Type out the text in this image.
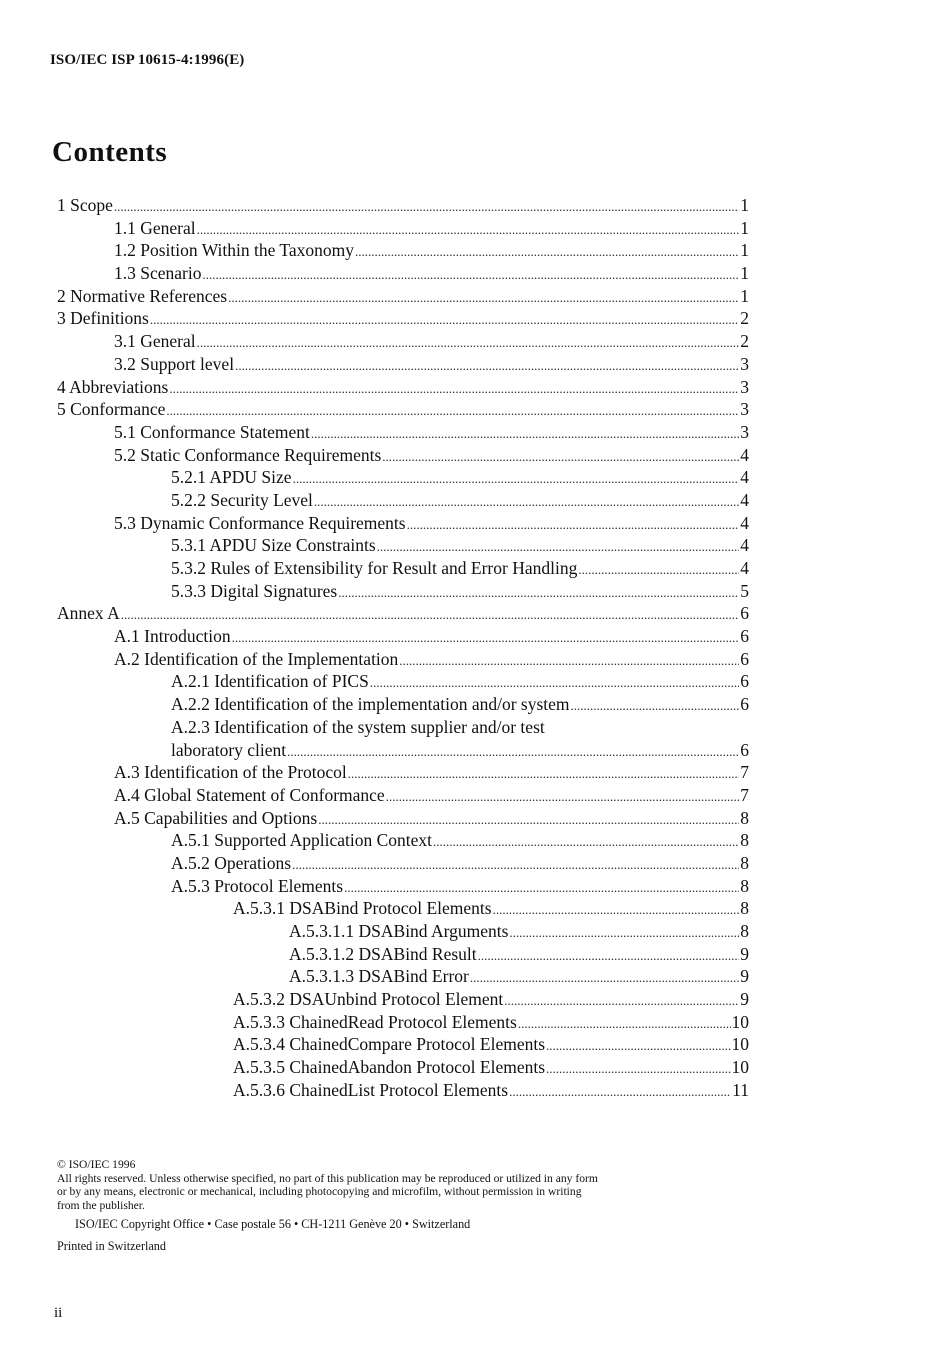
ISO/IEC ISP 10615-4:1996(E)
Contents
1 Scope .....	1
1.1 General .....	1
1.2 Position Within the Taxonomy .....	1
1.3 Scenario .....	1
2 Normative References .....	1
3 Definitions .....	2
3.1 General .....	2
3.2 Support level .....	3
4 Abbreviations .....	3
5 Conformance .....	3
5.1 Conformance Statement .....	3
5.2 Static Conformance Requirements .....	4
5.2.1 APDU Size .....	4
5.2.2 Security Level .....	4
5.3 Dynamic Conformance Requirements .....	4
5.3.1 APDU Size Constraints .....	4
5.3.2 Rules of Extensibility for Result and Error Handling .....	4
5.3.3 Digital Signatures .....	5
Annex A .....	6
A.1 Introduction .....	6
A.2 Identification of the Implementation .....	6
A.2.1 Identification of PICS .....	6
A.2.2 Identification of the implementation and/or system .....	6
A.2.3 Identification of the system supplier and/or test
laboratory client .....	6
A.3 Identification of the Protocol .....	7
A.4 Global Statement of Conformance .....	7
A.5 Capabilities and Options .....	8
A.5.1 Supported Application Context .....	8
A.5.2 Operations .....	8
A.5.3 Protocol Elements .....	8
A.5.3.1 DSABind Protocol Elements .....	8
A.5.3.1.1 DSABind Arguments .....	8
A.5.3.1.2 DSABind Result .....	9
A.5.3.1.3 DSABind Error .....	9
A.5.3.2 DSAUnbind Protocol Element .....	9
A.5.3.3 ChainedRead Protocol Elements .....	10
A.5.3.4 ChainedCompare Protocol Elements .....	10
A.5.3.5 ChainedAbandon Protocol Elements .....	10
A.5.3.6 ChainedList Protocol Elements .....	11

© ISO/IEC 1996

All rights reserved. Unless otherwise specified, no part of this publication may be reproduced or utilized in any form or by any means, electronic or mechanical, including photocopying and microfilm, without permission in writing from the publisher.

ISO/IEC Copyright Office • Case postale 56 • CH-1211 Genève 20 • Switzerland

Printed in Switzerland

ii
